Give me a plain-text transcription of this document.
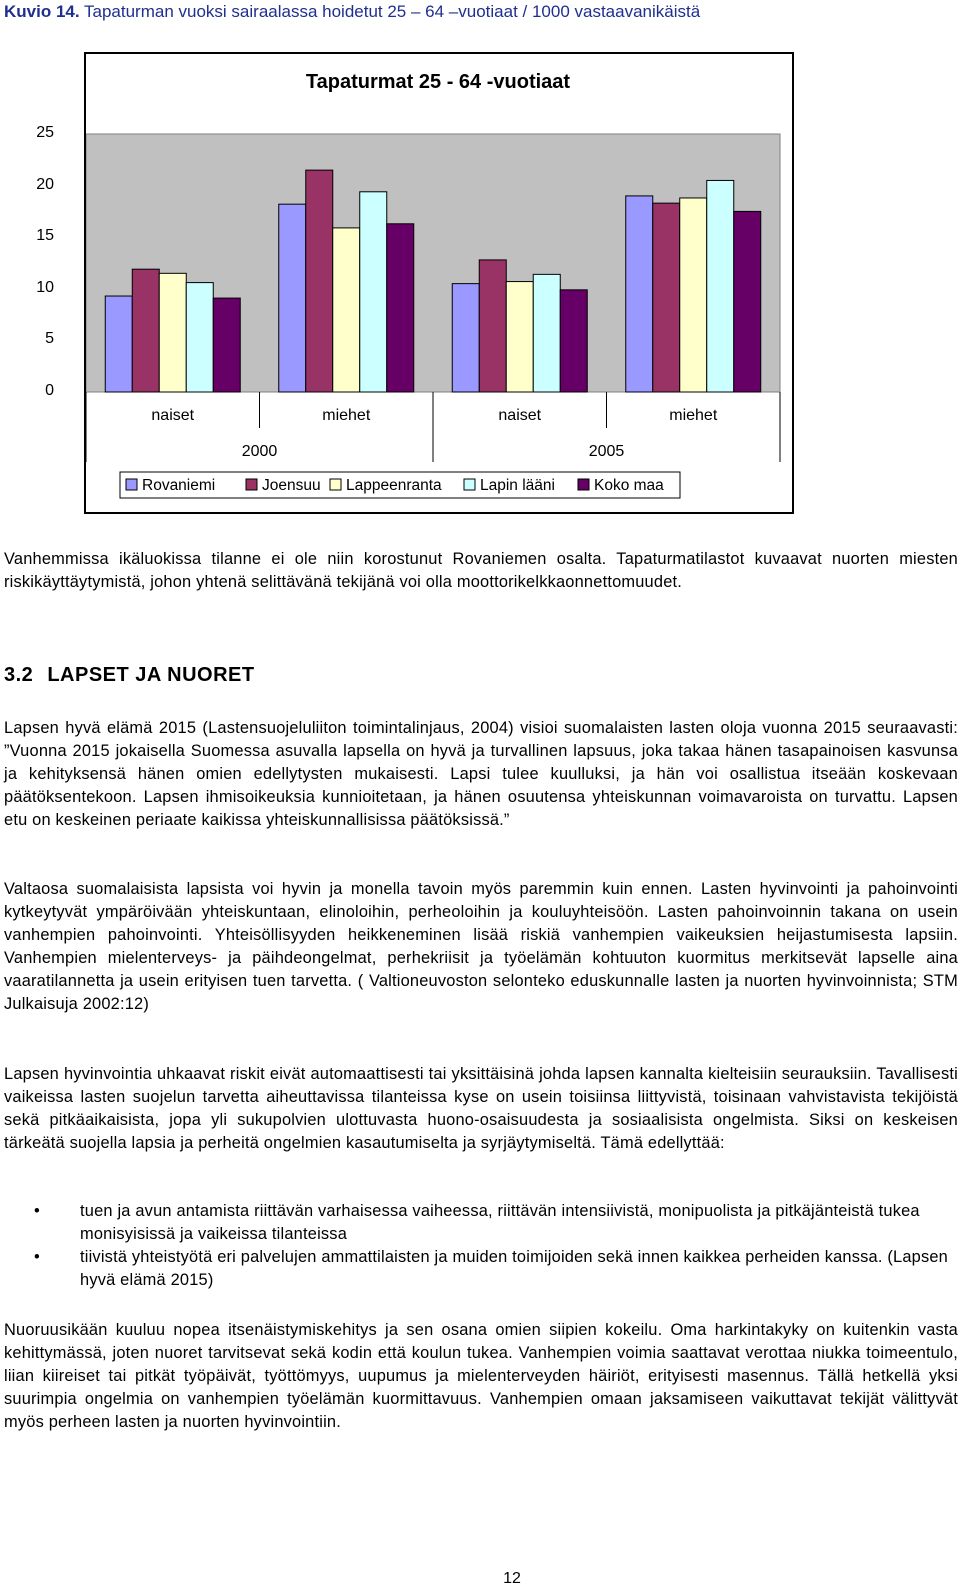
Kuvio 14. Tapaturman vuoksi sairaalassa hoidetut 25 – 64 –vuotiaat / 1000 vastaavanikäistä
Tapaturmat 25 - 64 -vuotiaat
naiset	miehet	naiset	miehet
2000	2005
Rovaniemi	Joensuu Lappeenranta Lapin lääni	Koko maa
Vanhemmissa ikäluokissa tilanne ei ole niin korostunut Rovaniemen osalta. Tapaturmatilastot kuvaavat nuorten miesten riskikäyttäytymistä, johon yhtenä selittävänä tekijänä voi olla moottorikelkkaonnettomuudet.
3.2 LAPSET JA NUORET
Lapsen hyvä elämä 2015 (Lastensuojeluliiton toimintalinjaus, 2004) visioi suomalaisten lasten oloja vuonna 2015 seuraavasti: ”Vuonna 2015 jokaisella Suomessa asuvalla lapsella on hyvä ja turvallinen lapsuus, joka takaa hänen tasapainoisen kasvunsa ja kehityksensä hänen omien edellytysten mukaisesti. Lapsi tulee kuulluksi, ja hän voi osallistua itseään koskevaan päätöksentekoon. Lapsen ihmisoikeuksia kunnioitetaan, ja hänen osuutensa yhteiskunnan voimavaroista on turvattu. Lapsen etu on keskeinen periaate kaikissa yhteiskunnallisissa päätöksissä.”
Valtaosa suomalaisista lapsista voi hyvin ja monella tavoin myös paremmin kuin ennen. Lasten hyvinvointi ja pahoinvointi kytkeytyvät ympäröivään yhteiskuntaan, elinoloihin, perheoloihin ja kouluyhteisöön. Lasten pahoinvoinnin takana on usein vanhempien pahoinvointi. Yhteisöllisyyden heikkeneminen lisää riskiä vanhempien vaikeuksien heijastumisesta lapsiin. Vanhempien mielenterveys- ja päihdeongelmat, perhekriisit ja työelämän kohtuuton kuormitus merkitsevät lapselle aina vaaratilannetta ja usein erityisen tuen tarvetta. ( Valtioneuvoston selonteko eduskunnalle lasten ja nuorten hyvinvoinnista; STM Julkaisuja 2002:12)
Lapsen hyvinvointia uhkaavat riskit eivät automaattisesti tai yksittäisinä johda lapsen kannalta kielteisiin seurauksiin. Tavallisesti vaikeissa lasten suojelun tarvetta aiheuttavissa tilanteissa kyse on usein toisiinsa liittyvistä, toisinaan vahvistavista tekijöistä sekä pitkäaikaisista, jopa yli sukupolvien ulottuvasta huono-osaisuudesta ja sosiaalisista ongelmista. Siksi on keskeisen tärkeätä suojella lapsia ja perheitä ongelmien kasautumiselta ja syrjäytymiseltä. Tämä edellyttää:
• tuen ja avun antamista riittävän varhaisessa vaiheessa, riittävän intensiivistä, monipuolista ja pitkäjänteistä tukea monisyisissä ja vaikeissa tilanteissa
• tiivistä yhteistyötä eri palvelujen ammattilaisten ja muiden toimijoiden sekä innen kaikkea perheiden kanssa. (Lapsen hyvä elämä 2015)
Nuoruusikään kuuluu nopea itsenäistymiskehitys ja sen osana omien siipien kokeilu. Oma harkintakyky on kuitenkin vasta kehittymässä, joten nuoret tarvitsevat sekä kodin että koulun tukea. Vanhempien voimia saattavat verottaa niukka toimeentulo, liian kiireiset tai pitkät työpäivät, työttömyys, uupumus ja mielenterveyden häiriöt, erityisesti masennus. Tällä hetkellä yksi suurimpia ongelmia on vanhempien työelämän kuormittavuus. Vanhempien omaan jaksamiseen vaikuttavat tekijät välittyvät myös perheen lasten ja nuorten hyvinvointiin.
12
0
5
10
15
20
25
